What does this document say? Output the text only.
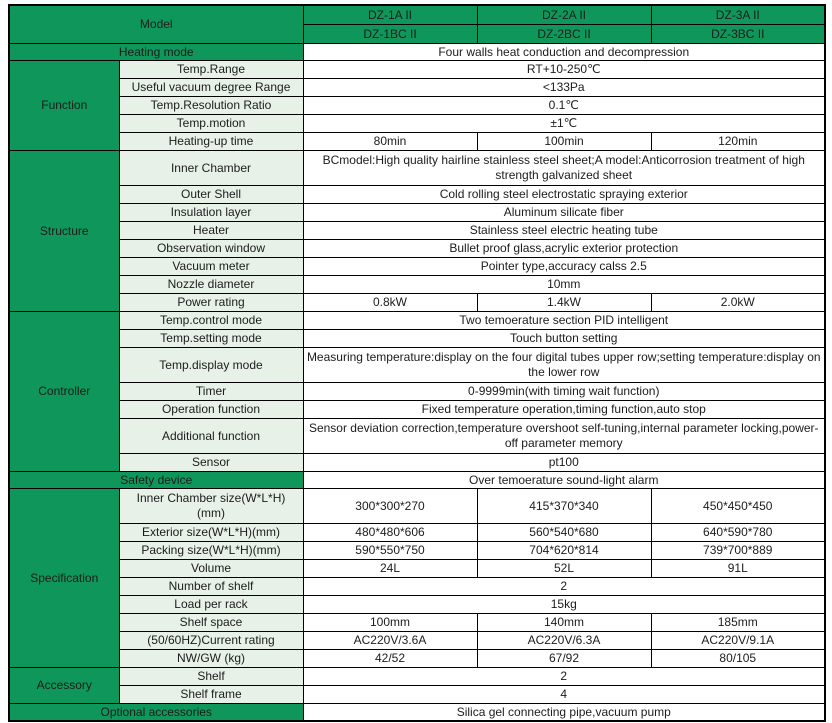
Model		DZ-1A II	DZ-2A II	DZ-3A II
		DZ-1BC II	DZ-2BC II	DZ-3BC II
Heating mode		Four walls heat conduction and decompression		
Function	Temp.Range	RT+10-250℃		
	Useful vacuum degree Range	<133Pa		
	Temp.Resolution Ratio	0.1℃		
	Temp.motion	±1℃		
	Heating-up time	80min	100min	120min
Structure	Inner Chamber	BCmodel:High quality hairline stainless steel sheet;A model:Anticorrosion treatment of high strength galvanized sheet		
	Outer Shell	Cold rolling steel electrostatic spraying exterior		
	Insulation layer	Aluminum silicate fiber		
	Heater	Stainless steel electric heating tube		
	Observation window	Bullet proof glass,acrylic exterior protection		
	Vacuum meter	Pointer type,accuracy calss 2.5		
	Nozzle diameter	10mm		
	Power rating	0.8kW	1.4kW	2.0kW
Controller	Temp.control mode	Two temoerature section PID intelligent		
	Temp.setting mode	Touch button setting		
	Temp.display mode	Measuring temperature:display on the four digital tubes upper row;setting temperature:display on the lower row		
	Timer	0-9999min(with timing wait function)		
	Operation function	Fixed temperature operation,timing function,auto stop		
	Additional function	Sensor deviation correction,temperature overshoot self-tuning,internal parameter locking,power-off parameter memory		
	Sensor	pt100		
Safety device		Over temoerature sound-light alarm		
Specification	Inner Chamber size(W*L*H) (mm)	300*300*270	415*370*340	450*450*450
	Exterior size(W*L*H)(mm)	480*480*606	560*540*680	640*590*780
	Packing size(W*L*H)(mm)	590*550*750	704*620*814	739*700*889
	Volume	24L	52L	91L
	Number of shelf	2		
	Load per rack	15kg		
	Shelf space	100mm	140mm	185mm
	(50/60HZ)Current rating	AC220V/3.6A	AC220V/6.3A	AC220V/9.1A
	NW/GW (kg)	42/52	67/92	80/105
Accessory	Shelf	2		
	Shelf frame	4		
Optional accessories		Silica gel connecting pipe,vacuum pump		
